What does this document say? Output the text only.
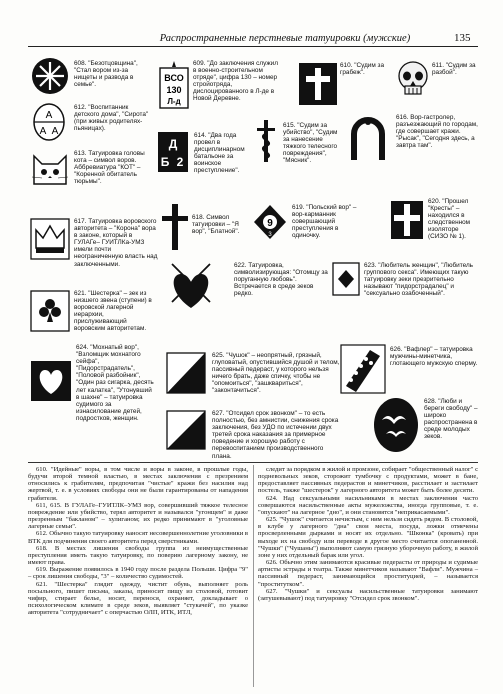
Распространенные перстневые татуировки (мужские)	135
608. "Безотцовщина", "Стал вором из-за нищеты и развода в семье".
ВСО
130
Л-д
609. "До заключения служил в военно-строительном отряде", цифра 130 – номер стройотряда, дислоцированного в Л-де в Новой Деревне.
610. "Судим за грабеж".
611. "Судим за разбой".
А
А А
612. "Воспитанник детского дома", "Сирота" (при живых родителях-пьяницах).
Д
Б 2
614. "Два года провел в дисциплинарном батальоне за воинское преступление".
615. "Судим за убийство", "Судим за нанесение тяжкого телесного повреждения", "Мясник".
616. Вор-гастролер, разъезжающий по городам, где совершает кражи. "Рысак", "Сегодня здесь, а завтра там".
613. Татуировка головы кота – символ воров. Аббревиатура "КОТ" – "Коренной обитатель тюрьмы".
617. Татуировка воровского авторитета – "Корона" вора в законе, который в ГУЛАГе– ГУИТЛКа-УМЗ имели почти неограниченную власть над заключенными.
618. Символ татуировки – "Я вор", "Блатной".
9
3
619. "Польский вор" – вор-карманник совершающий преступления в одиночку.
620. "Прошел "Кресты" – находился в следственном изоляторе (СИЗО № 1).
621. "Шестерка" – зек из низшего звена (ступени) в воровской лагерной иерархии, прислуживающий воровским авторитетам.
622. Татуировка, символизирующая: "Отомщу за поруганную любовь". Встречается в среде зеков редко.
623. "Любитель женщин", "Любитель группового секса". Имеющих такую татуировку зеки презрительно называют "пидорстрадалец" и "сексуально озабоченный".
624. "Мохнатый вор", "Взломщик мохнатого сейфа", "Пидорстрадатель", "Половой разбойник", "Один раз сигарка, десять лет калатка", "Утонувший в шахне" – татуировка судимого за изнасилование детей, подростков, женщин.
625. "Чушок" – неопрятный, грязный, глуповатый, опустившийся душой и телом, пассивный педераст, у которого нельзя ничего брать, даже спичку, чтобы не "опомоиться", "зашквариться", "законтачиться".
626. "Вафлер" – татуировка мужчины-минетчика, глотающего мужскую сперму.
627. "Отсидел срок звонком" – то есть полностью, без амнистии, снижения срока заключения, без УДО по истечении двух третей срока наказания за примерное поведение и хорошую работу с перевоспитанием производственного плана.
628. "Люби и береги свободу" – широко распространена в среде молодых зеков.

610. "Идейные" воры, в том числе и воры в законе, в прошлые годы, будучи второй темной властью, в местах заключения с презрением относились к грабителям, предпочитая "чистые" кражи без насилия над жертвой, т. е. в условиях свободы они не были гарантированы от нападения грабителя.

611, 615. В ГУЛАГе–ГУИТЛК–УМЗ вор, совершивший тяжкое телесное повреждение или убийство, терял авторитет и назывался "угонщем" и даже презренным "бакланом" – хулиганом; их редко принимают в "уголовные лагерные семьи".

612. Обычно такую татуировку наносят несовершеннолетние уголовники в ВТК для подчинения своего авторитета перед сверстниками.

618. В местах лишения свободы группа из неимущественные преступления иметь такую татуировку, по поверию лагерному закону, не имеют права.

619. Выражение появилось в 1940 году после раздела Польши. Цифра "9" – срок лишения свободы, "3" – количество судимостей.

621. "Шестерка" глядит одежду, чистит обувь, выполняет роль посыльного, пишет письма, заказы, приносит пищу из столовой, готовит чифир, стирает белье, носит, перенося, охраняет, докладывает о психологическом климате в среде зеков, выявляет "стукачей", по указке авторитета "сотрудничает" с оперчастью ОЛП, ИТК, ИТЛ,

следит за порядком в жилой и промзоне, собирает "общественный налог" с подневольных зеков, сторожит тумбочку с продуктами, может в бане, предоставляет пассивных педерастов и минетчиков, расстилает и застилает постель, также "шестерок" у лагерного авторитета может быть более десяти.

624. Над сексуальными насильниками в местах заключения часто совершаются насильственные акты мужеложства, иногда групповые, т. е. "опускают" на лагерное "дно", и они становятся "неприкасаемыми".

625. "Чушок" считается нечистым, с ним нельзя сидеть рядом. В столовой, в клубе у лагерного "дна" свои места, посуда, ложки отмечены просверленными дырками и носят их отдельно. "Шконка" (кровать) при выходе их на свободу или переводе в другое место считается опоганенной. "Чушки" ("Чушаны") выполняют самую грязную уборочную работу, в жилой зоне у них отдельный барак или угол.

626. Обычно этим занимаются красивые педерасты от природы и судимые артисты эстрады и театра. Также минетчиков называют "Вафли". Мужчина – пассивный педераст, занимающийся проституцией, – называется "проститутком".

627. "Чушки" и сексуалы насильственные татуировки занимают (затушевывают) под татуировку "Отсидел срок звонком".
